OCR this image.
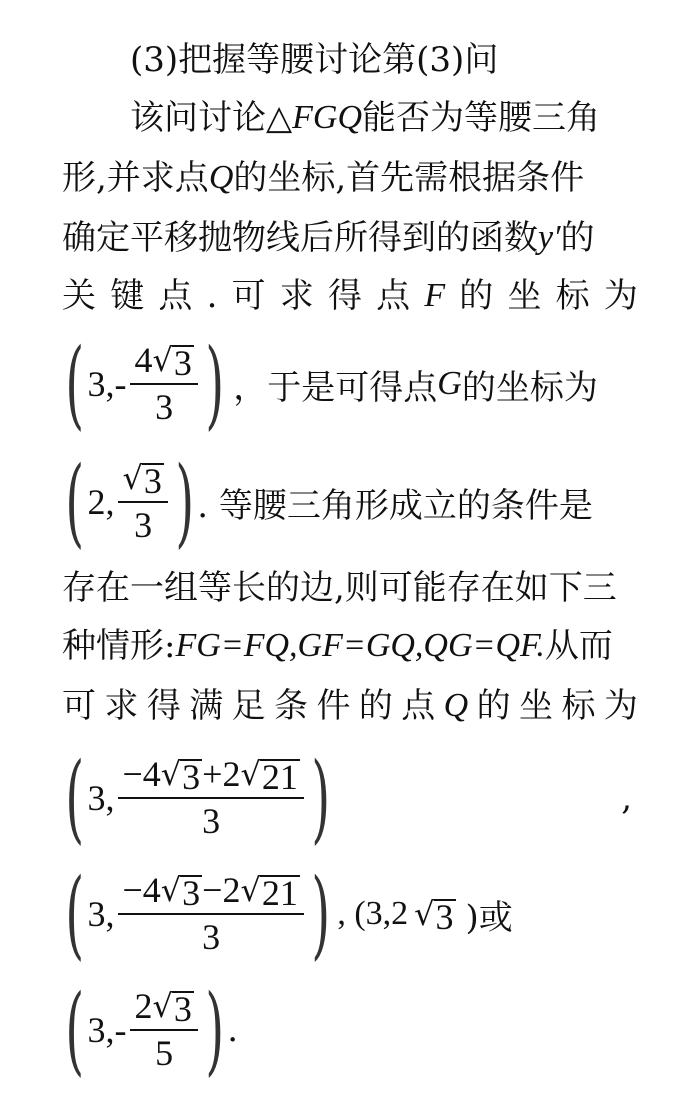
(3)把握等腰讨论第(3)问
该问讨论△ FGQ 能否为等腰三角
形,并求点 Q 的坐标,首先需根据条件
确定平移抛物线后所得到的函数 y′ 的
关 键 点 . 可 求 得 点 F 的 坐 标 为
( $3,- \frac{4 √ 3}{3}$ ) ，于是可得点 G 的坐标为
( 2, $\frac{√ 3}{3}$ ) . 等腰三角形成立的条件是
存在一组等长的边,则可能存在如下三
种情形: FG=FQ,GF=GQ,QG=QF. 从而
可 求 得 满 足 条 件 的 点 Q 的 坐 标 为
( 3, $\frac{-4 √ 3 +2 √ 21}{3}$ )	,
( 3, $\frac{-4 √ 3 -2 √ 21}{3}$ ) , (3,2 √ 3 )或
( $3,- \frac{2 √ 3}{5}$ ) .
